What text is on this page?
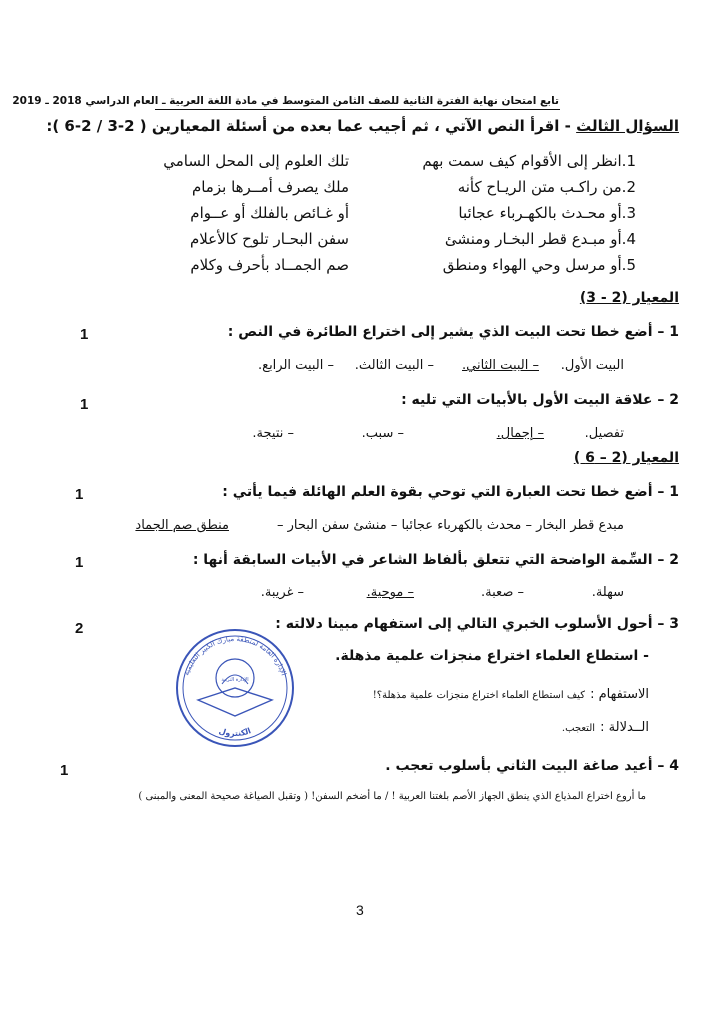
تابع امتحان نهاية الفترة الثانية للصف الثامن المتوسط في مادة اللغة العربية ـ العام الدراسي 2018 ـ 2019
السؤال الثالث - اقرأ النص الآتي ، ثم أجيب عما بعده من أسئلة المعيارين ( 2-3 / 2-6 ):
1.انظر إلى الأقوام كيف سمت بهم
تلك العلوم إلى المحل السامي
2.من راكـب متن الريـاح كأنه
ملك يصرف أمــرها بزمام
3.أو محـدث بالكهـرباء عجائبا
أو غـائص بالفلك أو عــوام
4.أو مبـدع قطر البخـار ومنشئ
سفن البحـار تلوح كالأعلام
5.أو مرسل وحي الهواء ومنطق
صم الجمــاد بأحرف وكلام
المعيار (2 - 3)
1 – أضع خطا تحت البيت الذي يشير إلى اختراع الطائرة في النص :
1
البيت الأول.
– البيت الثاني.
– البيت الثالث.
– البيت الرابع.
2 – علاقة البيت الأول بالأبيات التي تليه :
1
تفصيل.
– إجمال.
– سبب.
– نتيجة.
المعيار (2 – 6 )
1 – أضع خطا تحت العبارة التي توحي بقوة العلم الهائلة فيما يأتي :
1
مبدع قطر البخار – محدث بالكهرباء عجائبا – منشئ سفن البحار –
منطق صم الجماد
2 – السِّمة الواضحة التي تتعلق بألفاظ الشاعر في الأبيات السابقة أنها :
1
سهلة.
– صعبة.
– موحية.
– غريبة.
3 – أحول الأسلوب الخبري التالي إلى استفهام مبينا دلالته :
2
- استطاع العلماء اختراع منجزات علمية مذهلة.
الاستفهام : كيف استطاع العلماء اختراع منجزات علمية مذهلة؟!
الــدلالة : التعجب.
4 – أعيد صاغة البيت الثاني بأسلوب تعجب .
1
ما أروع اختراع المذياع الذي ينطق الجهاز الأصم بلغتنا العربية ! / ما أضخم السفن! ( وتقبل الصياغة صحيحة المعنى والمبنى )
الإدارة العامة لمنطقة مبارك الكبير التعليمية
الكنترول
الإدارة التربية
3
